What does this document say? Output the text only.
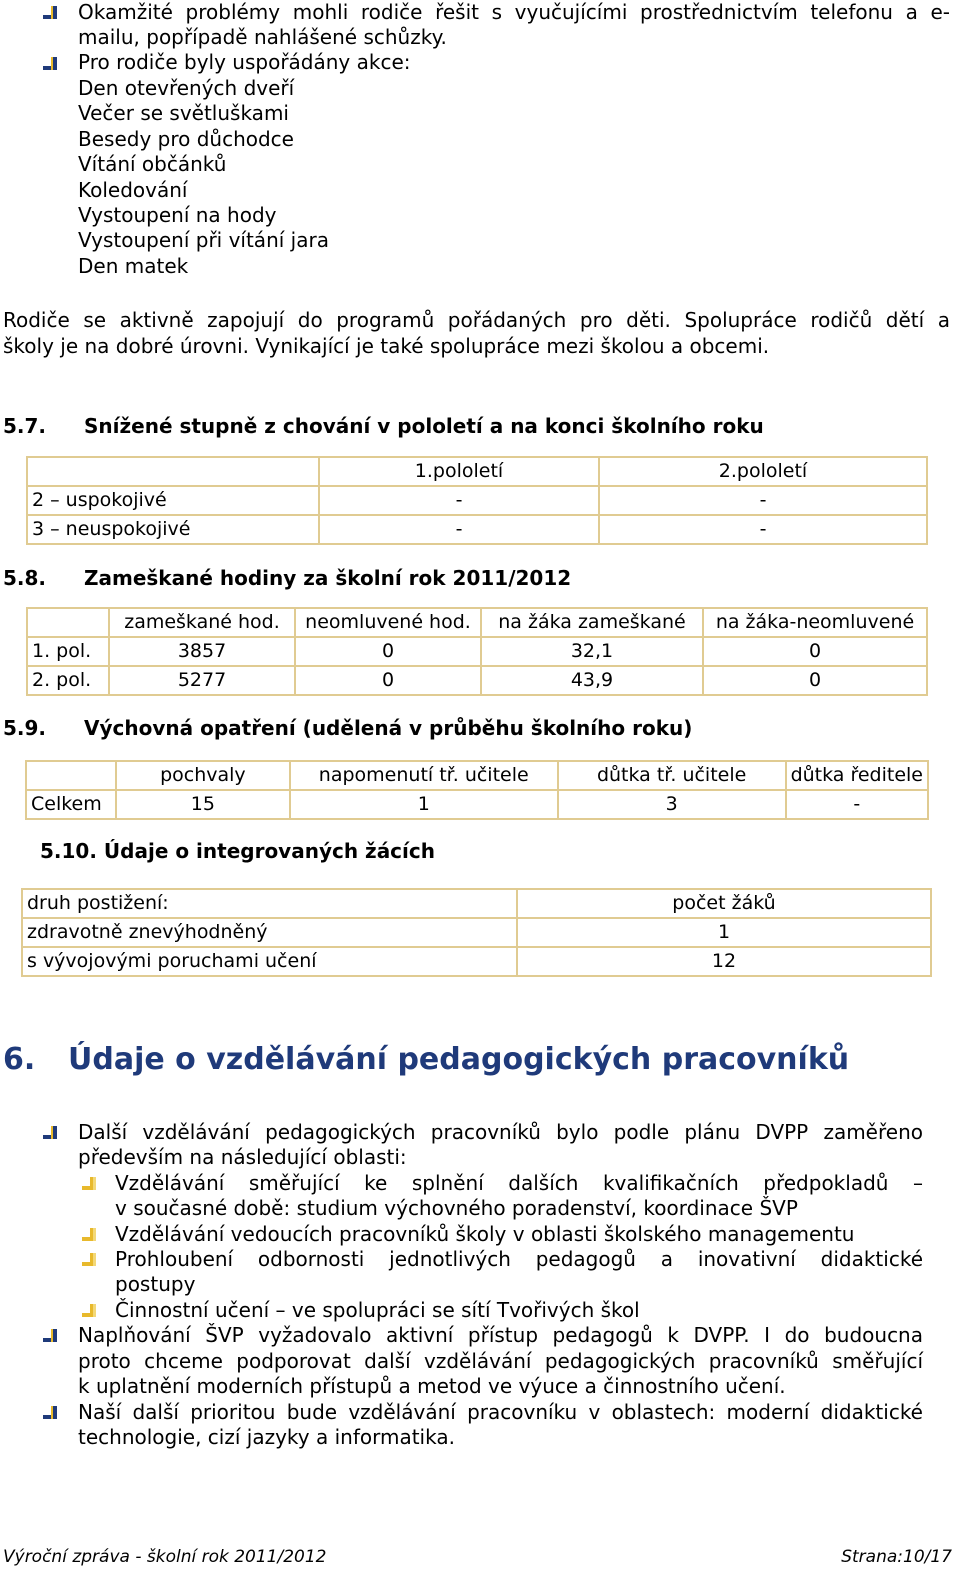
Okamžité problémy mohli rodiče řešit s vyučujícími prostřednictvím telefonu a e-
mailu, popřípadě nahlášené schůzky.
Pro rodiče byly uspořádány akce:
Den otevřených dveří
Večer se světluškami
Besedy pro důchodce
Vítání občánků
Koledování
Vystoupení na hody
Vystoupení při vítání jara
Den matek
Rodiče se aktivně zapojují do programů pořádaných pro děti. Spolupráce rodičů dětí a
školy je na dobré úrovni. Vynikající je také spolupráce mezi školou a obcemi.
5.7. Snížené stupně z chování v pololetí a na konci školního roku
	1.pololetí	2.pololetí
2 – uspokojivé	-	-
3 – neuspokojivé	-	-
5.8. Zameškané hodiny za školní rok 2011/2012
	zameškané hod.	neomluvené hod.	na žáka zameškané	na žáka-neomluvené
1. pol.	3857	0	32,1	0
2. pol.	5277	0	43,9	0
5.9. Výchovná opatření (udělená v průběhu školního roku)
	pochvaly	napomenutí tř. učitele	důtka tř. učitele	důtka ředitele
Celkem	15	1	3	-
5.10. Údaje o integrovaných žácích
druh postižení:	počet žáků
zdravotně znevýhodněný	1
s vývojovými poruchami učení	12
6. Údaje o vzdělávání pedagogických pracovníků
Další vzdělávání pedagogických pracovníků bylo podle plánu DVPP zaměřeno
především na následující oblasti:
Vzdělávání směřující ke splnění dalších kvalifikačních předpokladů –
v současné době: studium výchovného poradenství, koordinace ŠVP
Vzdělávání vedoucích pracovníků školy v oblasti školského managementu
Prohloubení odbornosti jednotlivých pedagogů a inovativní didaktické
postupy
Činnostní učení – ve spolupráci se sítí Tvořivých škol
Naplňování ŠVP vyžadovalo aktivní přístup pedagogů k DVPP. I do budoucna
proto chceme podporovat další vzdělávání pedagogických pracovníků směřující
k uplatnění moderních přístupů a metod ve výuce a činnostního učení.
Naší další prioritou bude vzdělávání pracovníku v oblastech: moderní didaktické
technologie, cizí jazyky a informatika.
Výroční zpráva - školní rok 2011/2012	Strana:10/17
